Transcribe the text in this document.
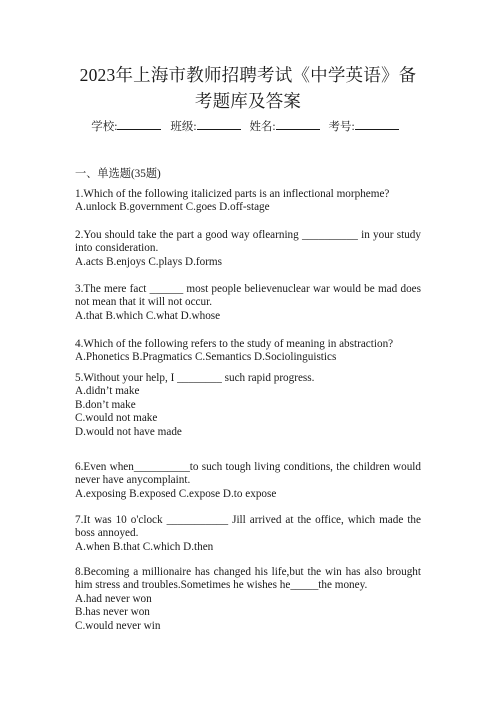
2023年上海市教师招聘考试《中学英语》备
考题库及答案
学校:	班级:	姓名:	考号:
一、单选题(35题)

1.Which of the following italicized parts is an inflectional morpheme?

A.unlock B.government C.goes D.off-stage

2.You should take the part a good way oflearning __________ in your study into consideration.

A.acts B.enjoys C.plays D.forms

3.The mere fact ______ most people believenuclear war would be mad does not mean that it will not occur.

A.that B.which C.what D.whose

4.Which of the following refers to the study of meaning in abstraction?

A.Phonetics B.Pragmatics C.Semantics D.Sociolinguistics

5.Without your help, I ________ such rapid progress.

A.didn’t make

B.don’t make

C.would not make

D.would not have made

6.Even when__________to such tough living conditions, the children would never have anycomplaint.

A.exposing B.exposed C.expose D.to expose

7.It was 10 o'clock ___________ Jill arrived at the office, which made the boss annoyed.

A.when B.that C.which D.then

8.Becoming a millionaire has changed his life,but the win has also brought him stress and troubles.Sometimes he wishes he_____the money.

A.had never won

B.has never won

C.would never win
